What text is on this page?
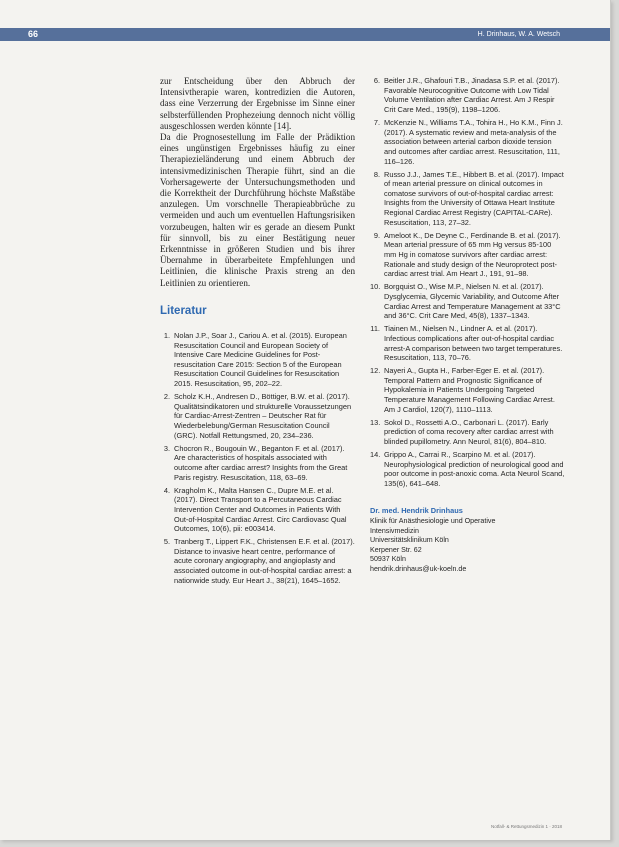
66	H. Drinhaus, W. A. Wetsch

zur Entscheidung über den Abbruch der Intensivtherapie waren, kontredizien die Autoren, dass eine Verzerrung der Ergebnisse im Sinne einer selbsterfüllenden Prophezeiung dennoch nicht völlig ausgeschlossen werden könnte [14].

Da die Prognosestellung im Falle der Prädiktion eines ungünstigen Ergebnisses häufig zu einer Therapiezieländerung und einem Abbruch der intensivmedizinischen Therapie führt, sind an die Vorhersagewerte der Untersuchungsmethoden und die Korrektheit der Durchführung höchste Maßstäbe anzulegen. Um vorschnelle Therapieabbrüche zu vermeiden und auch um eventuellen Haftungsrisiken vorzubeugen, halten wir es gerade an diesem Punkt für sinnvoll, bis zu einer Bestätigung neuer Erkenntnisse in größeren Studien und bis ihrer Übernahme in überarbeitete Empfehlungen und Leitlinien, die klinische Praxis streng an den Leitlinien zu orientieren.

Literatur
1. Nolan J.P., Soar J., Cariou A. et al. (2015). European Resuscitation Council and European Society of Intensive Care Medicine Guidelines for Post-resuscitation Care 2015: Section 5 of the European Resuscitation Council Guidelines for Resuscitation 2015. Resuscitation, 95, 202–22.
2. Scholz K.H., Andresen D., Böttiger, B.W. et al. (2017). Qualitätsindikatoren und strukturelle Voraussetzungen für Cardiac-Arrest-Zentren – Deutscher Rat für Wiederbelebung/German Resuscitation Council (GRC). Notfall Rettungsmed, 20, 234–236.
3. Chocron R., Bougouin W., Beganton F. et al. (2017). Are characteristics of hospitals associated with outcome after cardiac arrest? Insights from the Great Paris registry. Resuscitation, 118, 63–69.
4. Kragholm K., Malta Hansen C., Dupre M.E. et al. (2017). Direct Transport to a Percutaneous Cardiac Intervention Center and Outcomes in Patients With Out-of-Hospital Cardiac Arrest. Circ Cardiovasc Qual Outcomes, 10(6), pii: e003414.
5. Tranberg T., Lippert F.K., Christensen E.F. et al. (2017). Distance to invasive heart centre, performance of acute coronary angiography, and angioplasty and associated outcome in out-of-hospital cardiac arrest: a nationwide study. Eur Heart J., 38(21), 1645–1652.
6. Beitler J.R., Ghafouri T.B., Jinadasa S.P. et al. (2017). Favorable Neurocognitive Outcome with Low Tidal Volume Ventilation after Cardiac Arrest. Am J Respir Crit Care Med., 195(9), 1198–1206.
7. McKenzie N., Williams T.A., Tohira H., Ho K.M., Finn J. (2017). A systematic review and meta-analysis of the association between arterial carbon dioxide tension and outcomes after cardiac arrest. Resuscitation, 111, 116–126.
8. Russo J.J., James T.E., Hibbert B. et al. (2017). Impact of mean arterial pressure on clinical outcomes in comatose survivors of out-of-hospital cardiac arrest: Insights from the University of Ottawa Heart Institute Regional Cardiac Arrest Registry (CAPITAL-CARe). Resuscitation, 113, 27–32.
9. Ameloot K., De Deyne C., Ferdinande B. et al. (2017). Mean arterial pressure of 65 mm Hg versus 85-100 mm Hg in comatose survivors after cardiac arrest: Rationale and study design of the Neuroprotect post-cardiac arrest trial. Am Heart J., 191, 91–98.
10. Borgquist O., Wise M.P., Nielsen N. et al. (2017). Dysglycemia, Glycemic Variability, and Outcome After Cardiac Arrest and Temperature Management at 33°C and 36°C. Crit Care Med, 45(8), 1337–1343.
11. Tiainen M., Nielsen N., Lindner A. et al. (2017). Infectious complications after out-of-hospital cardiac arrest-A comparison between two target temperatures. Resuscitation, 113, 70–76.
12. Nayeri A., Gupta H., Farber-Eger E. et al. (2017). Temporal Pattern and Prognostic Significance of Hypokalemia in Patients Undergoing Targeted Temperature Management Following Cardiac Arrest. Am J Cardiol, 120(7), 1110–1113.
13. Sokol D., Rossetti A.O., Carbonari L. (2017). Early prediction of coma recovery after cardiac arrest with blinded pupillometry. Ann Neurol, 81(6), 804–810.
14. Grippo A., Carrai R., Scarpino M. et al. (2017). Neurophysiological prediction of neurological good and poor outcome in post-anoxic coma. Acta Neurol Scand, 135(6), 641–648.
Dr. med. Hendrik Drinhaus
Klinik für Anästhesiologie und Operative
Intensivmedizin
Universitätsklinikum Köln
Kerpener Str. 62
50937 Köln
hendrik.drinhaus@uk-koeln.de
Notfall- & Rettungsmedizin 1 · 2018
